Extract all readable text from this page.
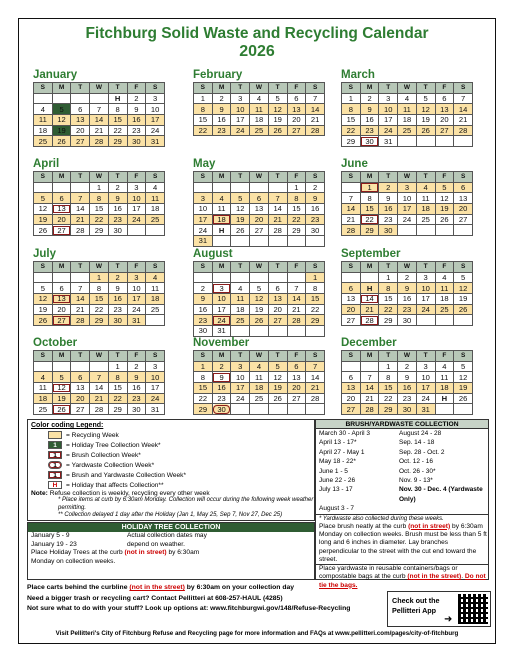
Fitchburg Solid Waste and Recycling Calendar
2026
January
S	M	T	W	T	F	S
				H	2	3
4	5	6	7	8	9	10
11	12	13	14	15	16	17
18	19	20	21	22	23	24
25	26	27	28	29	30	31
February
S	M	T	W	T	F	S
1	2	3	4	5	6	7
8	9	10	11	12	13	14
15	16	17	18	19	20	21
22	23	24	25	26	27	28
March
S	M	T	W	T	F	S
1	2	3	4	5	6	7
8	9	10	11	12	13	14
15	16	17	18	19	20	21
22	23	24	25	26	27	28
29	30	31				
April
S	M	T	W	T	F	S
			1	2	3	4
5	6	7	8	9	10	11
12	13	14	15	16	17	18
19	20	21	22	23	24	25
26	27	28	29	30		
May
S	M	T	W	T	F	S
					1	2
3	4	5	6	7	8	9
10	11	12	13	14	15	16
17	18	19	20	21	22	23
24	H	26	27	28	29	30
31						
June
S	M	T	W	T	F	S
	1	2	3	4	5	6
7	8	9	10	11	12	13
14	15	16	17	18	19	20
21	22	23	24	25	26	27
28	29	30				
July
S	M	T	W	T	F	S
			1	2	3	4
5	6	7	8	9	10	11
12	13	14	15	16	17	18
19	20	21	22	23	24	25
26	27	28	29	30	31	
August
S	M	T	W	T	F	S
						1
2	3	4	5	6	7	8
9	10	11	12	13	14	15
16	17	18	19	20	21	22
23	24	25	26	27	28	29
30	31					
September
S	M	T	W	T	F	S
		1	2	3	4	5
6	H	8	9	10	11	12
13	14	15	16	17	18	19
20	21	22	23	24	25	26
27	28	29	30			
October
S	M	T	W	T	F	S
				1	2	3
4	5	6	7	8	9	10
11	12	13	14	15	16	17
18	19	20	21	22	23	24
25	26	27	28	29	30	31
November
S	M	T	W	T	F	S
1	2	3	4	5	6	7
8	9	10	11	12	13	14
15	16	17	18	19	20	21
22	23	24	25	26	27	28
29	30					
December
S	M	T	W	T	F	S
		1	2	3	4	5
6	7	8	9	10	11	12
13	14	15	16	17	18	19
20	21	22	23	24	H	26
27	28	29	30	31		
Color coding Legend:
= Recycling Week
1	= Holiday Tree Collection Week*
1	= Brush Collection Week*
1	= Yardwaste Collection Week*
1	= Brush and Yardwaste Collection Week*
H	= Holiday that affects Collection**
Note: Refuse collection is weekly, recycling every other week
* Place items at curb by 6:30am Monday. Collection will occur during the following week weather permitting.
** Collection delayed 1 day after the Holiday (Jan 1, May 25, Sep 7, Nov 27, Dec 25)
HOLIDAY TREE COLLECTION
January 5 - 9	Actual collection dates may
January 19 - 23	depend on weather.
Place Holiday Trees at the curb (not in street) by 6:30am
Monday on collection weeks.
BRUSH/YARDWASTE COLLECTION
March 30 - April 3	August 24 - 28
April 13 - 17*	Sep. 14 - 18
April 27 - May 1	Sep. 28 - Oct. 2
May 18 - 22*	Oct. 12 - 16
June 1 - 5	Oct. 26 - 30*
June 22 - 26	Nov. 9 - 13*
July 13 - 17	Nov. 30 - Dec. 4 (Yardwaste Only)
August 3 - 7
* Yardwaste also collected during these weeks.
Place brush neatly at the curb (not in street) by 6:30am Monday on collection weeks. Brush must be less than 5 ft long and 6 inches in diameter. Lay branches perpendicular to the street with the cut end toward the street.
Place yardwaste in reusable containers/bags or compostable bags at the curb (not in the street). Do not tie the bags.
Place carts behind the curbline (not in the street) by 6:30am on your collection day
Need a bigger trash or recycling cart? Contact Pellitteri at 608-257-HAUL (4285)
Not sure what to do with your stuff? Look up options at: www.fitchburgwi.gov/148/Refuse-Recycling
Check out the
Pellitteri App
➜
Visit Pellitteri's City of Fitchburg Refuse and Recycling page for more information and FAQs at www.pellitteri.com/pages/city-of-fitchburg
